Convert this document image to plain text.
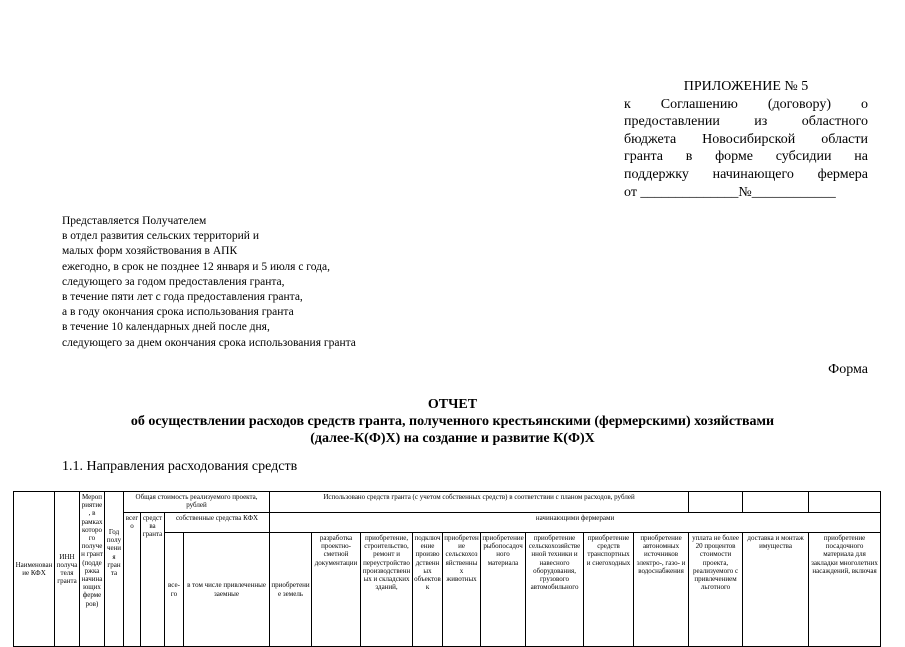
ПРИЛОЖЕНИЕ № 5
к Соглашению (договору) о
предоставлении из областного
бюджета Новосибирской области
гранта в форме субсидии на
поддержку начинающего фермера
от ______________№____________
Представляется Получателем
в отдел развития сельских территорий и
малых форм хозяйствования в АПК
ежегодно, в срок не позднее 12 января и 5 июля с года,
следующего за годом предоставления гранта,
в течение пяти лет с года предоставления гранта,
а в году окончания срока использования гранта
в течение 10 календарных дней после дня,
следующего за днем окончания срока использования гранта
Форма
ОТЧЕТ
об осуществлении расходов средств гранта, полученного крестьянскими (фермерскими) хозяйствами
(далее-К(Ф)Х) на создание и развитие К(Ф)Х
1.1. Направления расходования средств
Наименование КФХ	ИНН получателя гранта	Мероприятие, в рамках которого получен грант (поддержка начинающих фермеров)	Год получения гранта	Общая стоимость реализуемого проекта, рублей				Использовано средств гранта (с учетом собственных средств) в соответствии с планом расходов, рублей											
				всего	средства гранта	собственные средства КФХ		начинающими фермерами											
						все-го	в том числе привлеченные заемные	приобретение земель	разработка проектно-сметной документации	приобретение, строительство, ремонт и переустройство производственных и складских зданий,	подключение производственных объектов к	приобретение сельскохозяйственных животных	приобретение рыбопосадочного материала	приобретение сельскохозяйственной техники и навесного оборудования, грузового автомобильного	приобретение средств транспортных и снегоходных	приобретение автономных источников электро-, газо- и водоснабжения	уплата не более 20 процентов стоимости проекта, реализуемого с привлечением льготного	доставка и монтаж имущества	приобретение посадочного материала для закладки многолетних насаждений, включая
